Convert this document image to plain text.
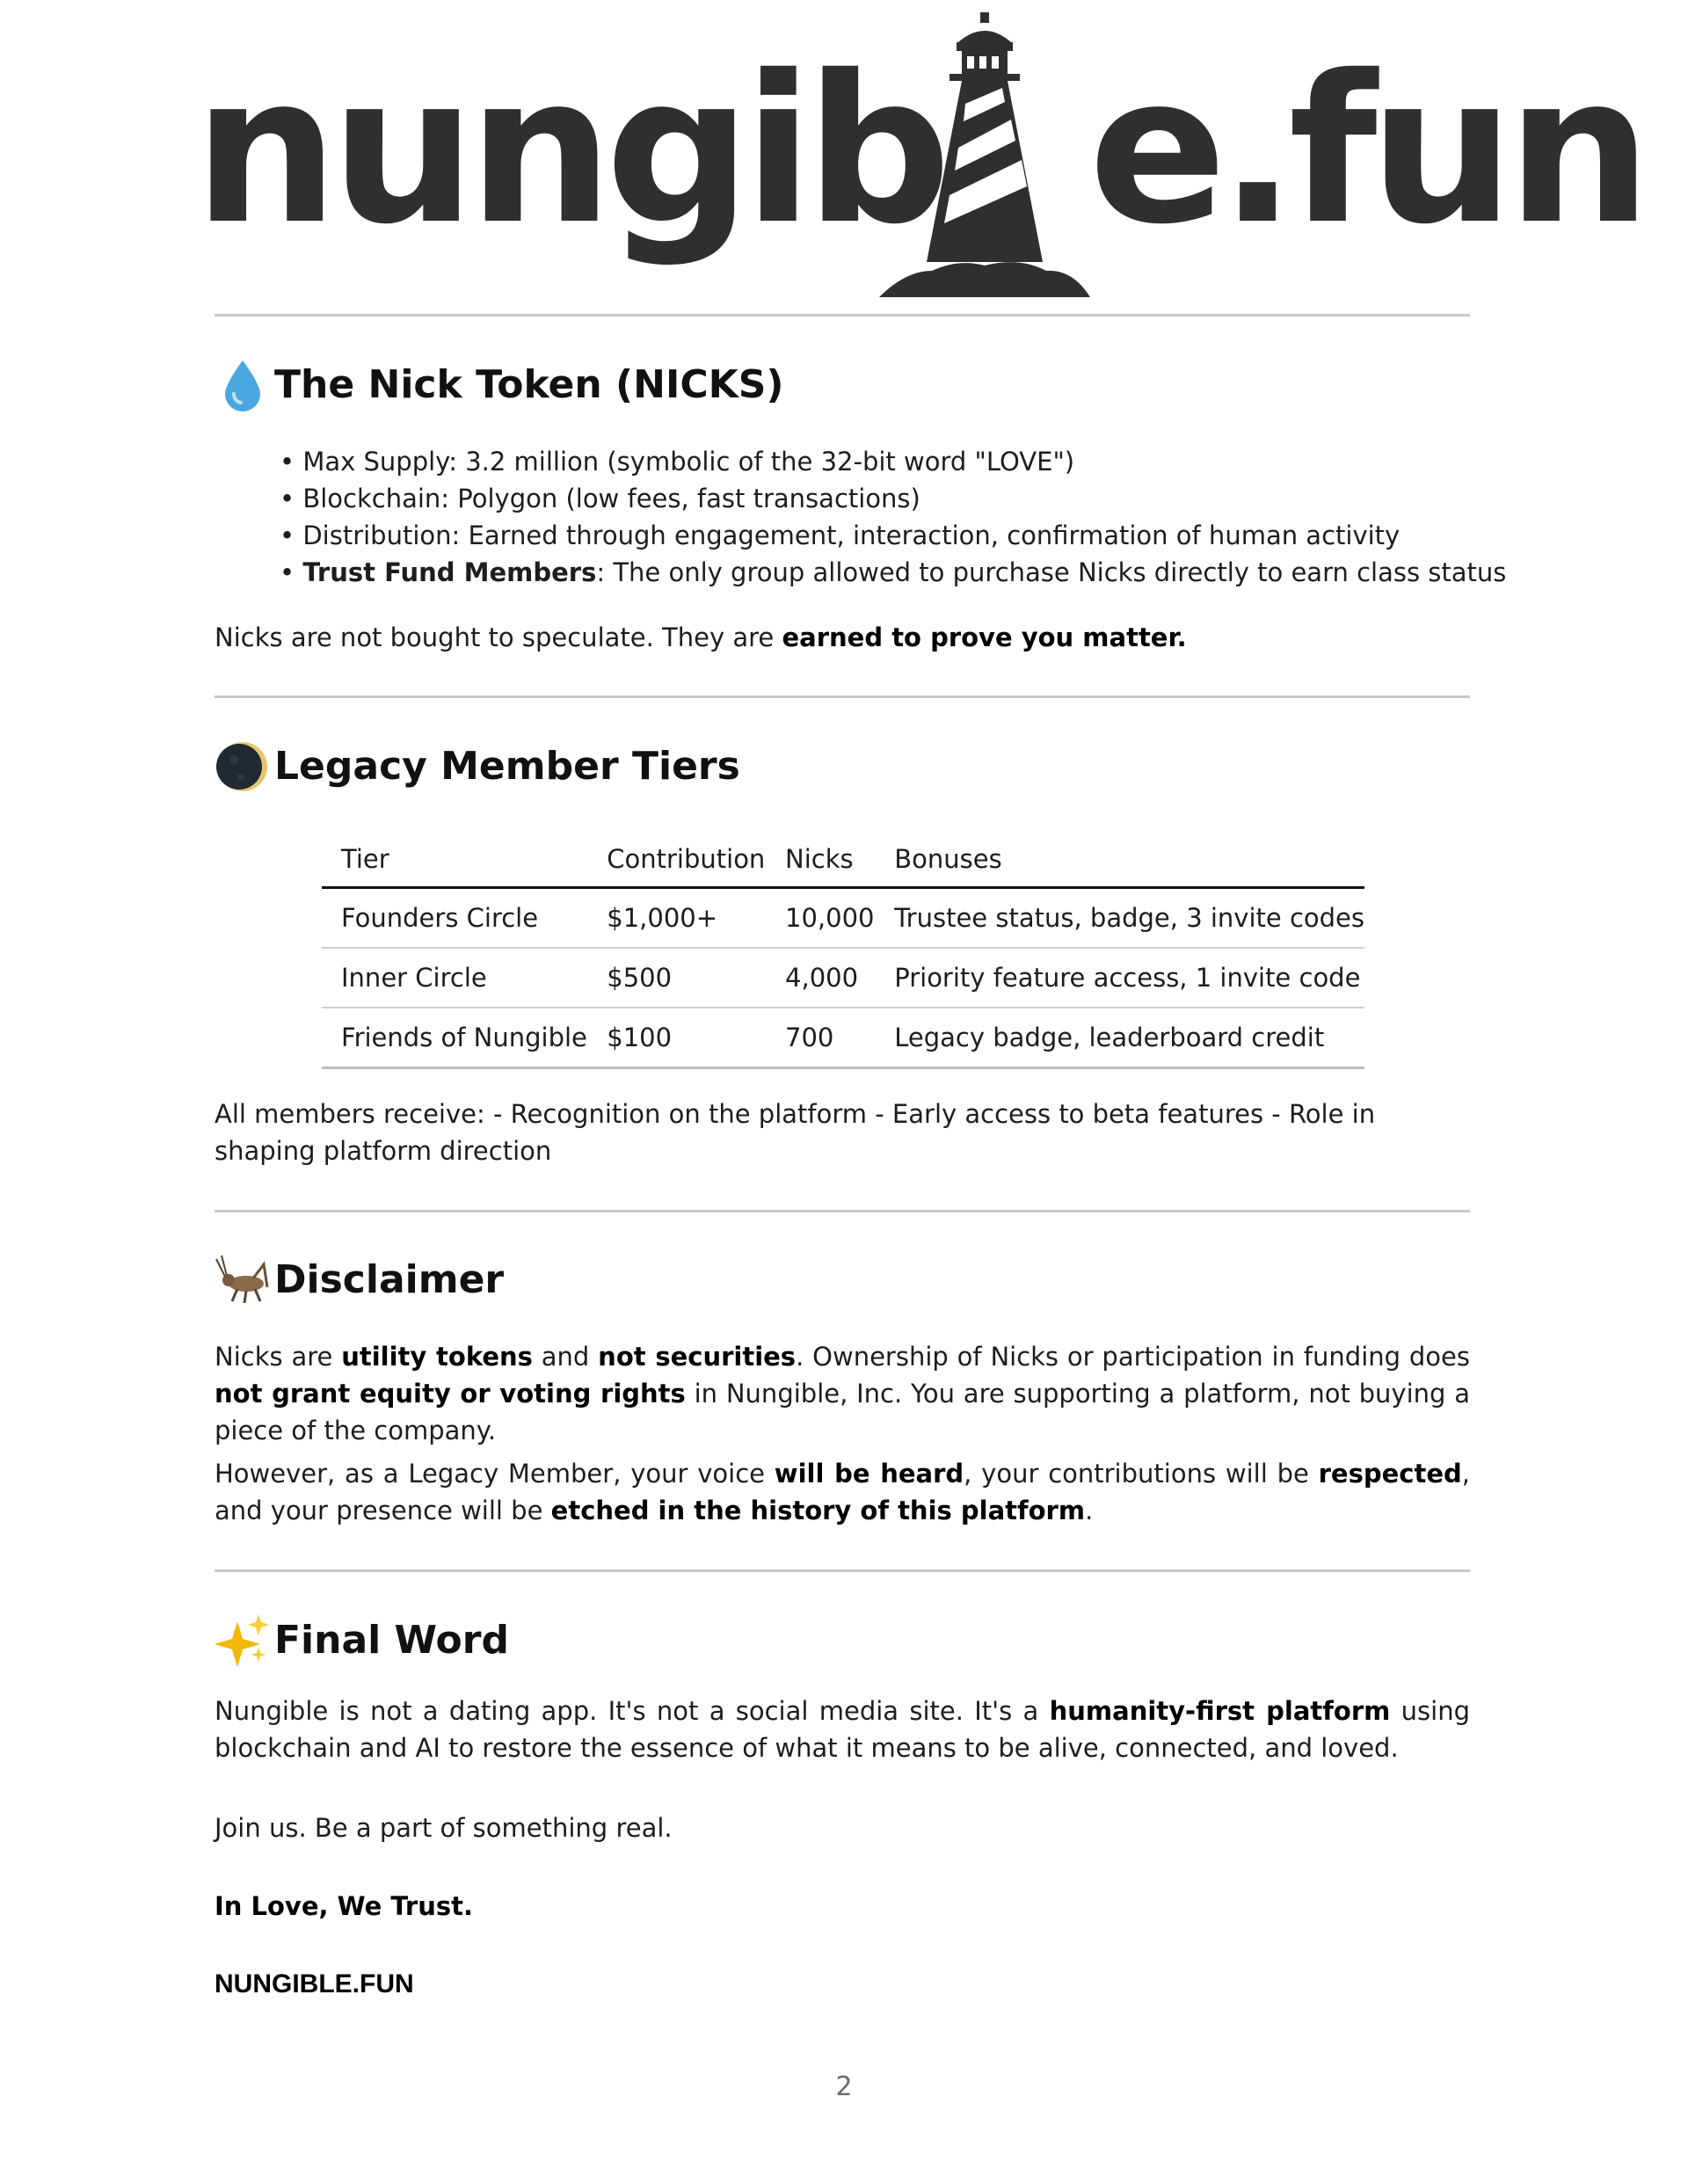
nungib e.fun
The Nick Token (NICKS)
• Max Supply: 3.2 million (symbolic of the 32-bit word "LOVE")
• Blockchain: Polygon (low fees, fast transactions)
• Distribution: Earned through engagement, interaction, confirmation of human activity
• Trust Fund Members: The only group allowed to purchase Nicks directly to earn class status
Nicks are not bought to speculate. They are earned to prove you matter.
Legacy Member Tiers
Tier	Contribution	Nicks	Bonuses
Founders Circle	$1,000+	10,000	Trustee status, badge, 3 invite codes
Inner Circle	$500	4,000	Priority feature access, 1 invite code
Friends of Nungible	$100	700	Legacy badge, leaderboard credit
All members receive: - Recognition on the platform - Early access to beta features - Role in shaping platform direction
Disclaimer
Nicks are utility tokens and not securities. Ownership of Nicks or participation in funding does not grant equity or voting rights in Nungible, Inc. You are supporting a platform, not buying a piece of the company.
However, as a Legacy Member, your voice will be heard, your contributions will be respected, and your presence will be etched in the history of this platform.
Final Word
Nungible is not a dating app. It's not a social media site. It's a humanity-first platform using blockchain and AI to restore the essence of what it means to be alive, connected, and loved.
Join us. Be a part of something real.
In Love, We Trust.
NUNGIBLE.FUN
2
